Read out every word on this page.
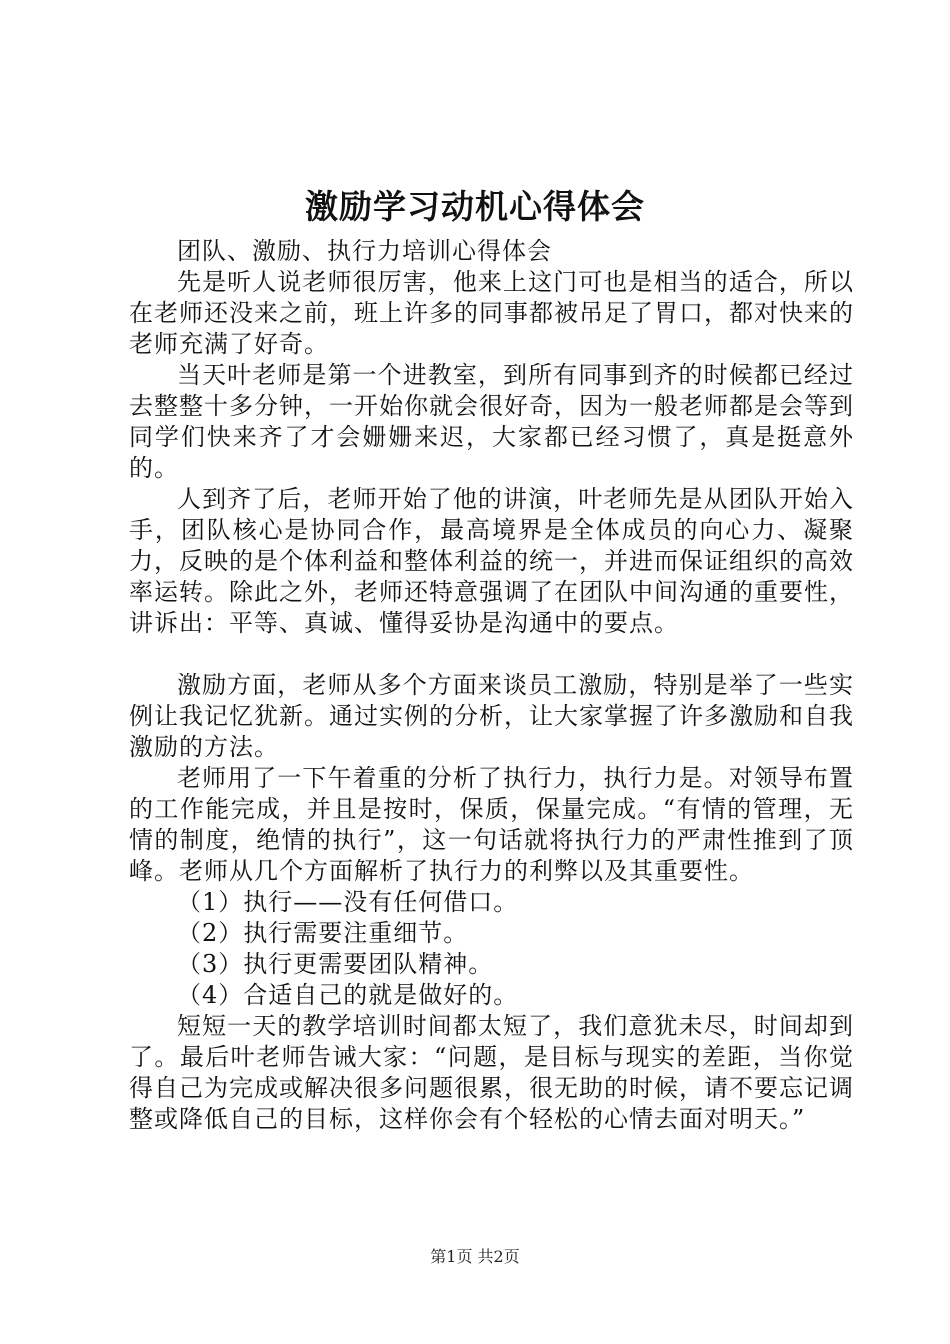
激励学习动机心得体会

团队、激励、执行力培训心得体会

先是听人说老师很厉害，他来上这门可也是相当的适合，所以在老师还没来之前，班上许多的同事都被吊足了胃口，都对快来的老师充满了好奇。

当天叶老师是第一个进教室，到所有同事到齐的时候都已经过去整整十多分钟，一开始你就会很好奇，因为一般老师都是会等到同学们快来齐了才会姗姗来迟，大家都已经习惯了，真是挺意外的。

人到齐了后，老师开始了他的讲演，叶老师先是从团队开始入手，团队核心是协同合作，最高境界是全体成员的向心力、凝聚力，反映的是个体利益和整体利益的统一，并进而保证组织的高效率运转。除此之外，老师还特意强调了在团队中间沟通的重要性，讲诉出：平等、真诚、懂得妥协是沟通中的要点。

激励方面，老师从多个方面来谈员工激励，特别是举了一些实例让我记忆犹新。通过实例的分析，让大家掌握了许多激励和自我激励的方法。

老师用了一下午着重的分析了执行力，执行力是。对领导布置的工作能完成，并且是按时，保质，保量完成。“有情的管理，无情的制度，绝情的执行”，这一句话就将执行力的严肃性推到了顶峰。老师从几个方面解析了执行力的利弊以及其重要性。

（1）执行——没有任何借口。

（2）执行需要注重细节。

（3）执行更需要团队精神。

（4）合适自己的就是做好的。

短短一天的教学培训时间都太短了，我们意犹未尽，时间却到了。最后叶老师告诫大家：“问题，是目标与现实的差距，当你觉得自己为完成或解决很多问题很累，很无助的时候，请不要忘记调整或降低自己的目标，这样你会有个轻松的心情去面对明天。”

第1页 共2页
